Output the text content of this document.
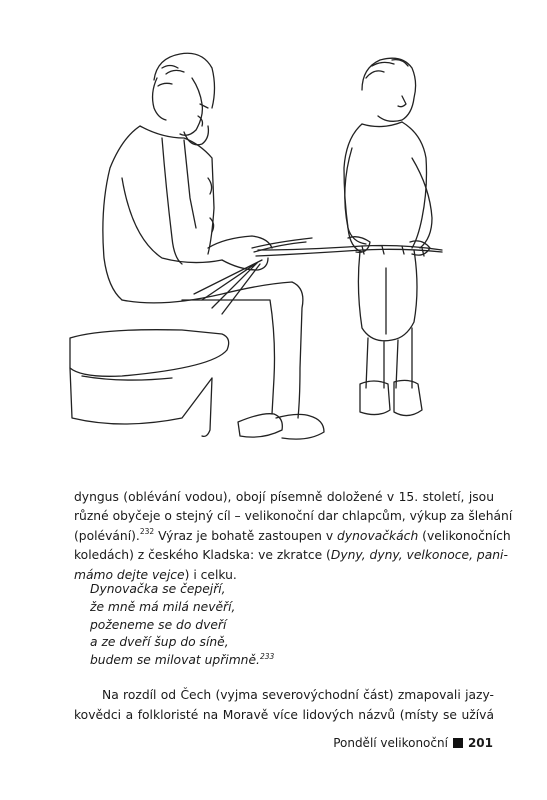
dyngus (oblévání vodou), obojí písemně doložené v 15. století, jsou
různé obyčeje o stejný cíl – velikonoční dar chlapcům, výkup za šlehání
(polévání).$^{232}$ Výraz je bohatě zastoupen v dynovačkách (velikonočních
koledách) z českého Kladska: ve zkratce (Dyny, dyny, velkonoce, pani-
mámo dejte vejce) i celku.
Dynovačka se čepejří,
že mně má milá nevěří,
poženeme se do dveří
a ze dveří šup do síně,
budem se milovat upřimně.$^{233}$
Na rozdíl od Čech (vyjma severovýchodní část) zmapovali jazy-
kovědci a folkloristé na Moravě více lidových názvů (místy se užívá
Pondělí velikonoční 201
